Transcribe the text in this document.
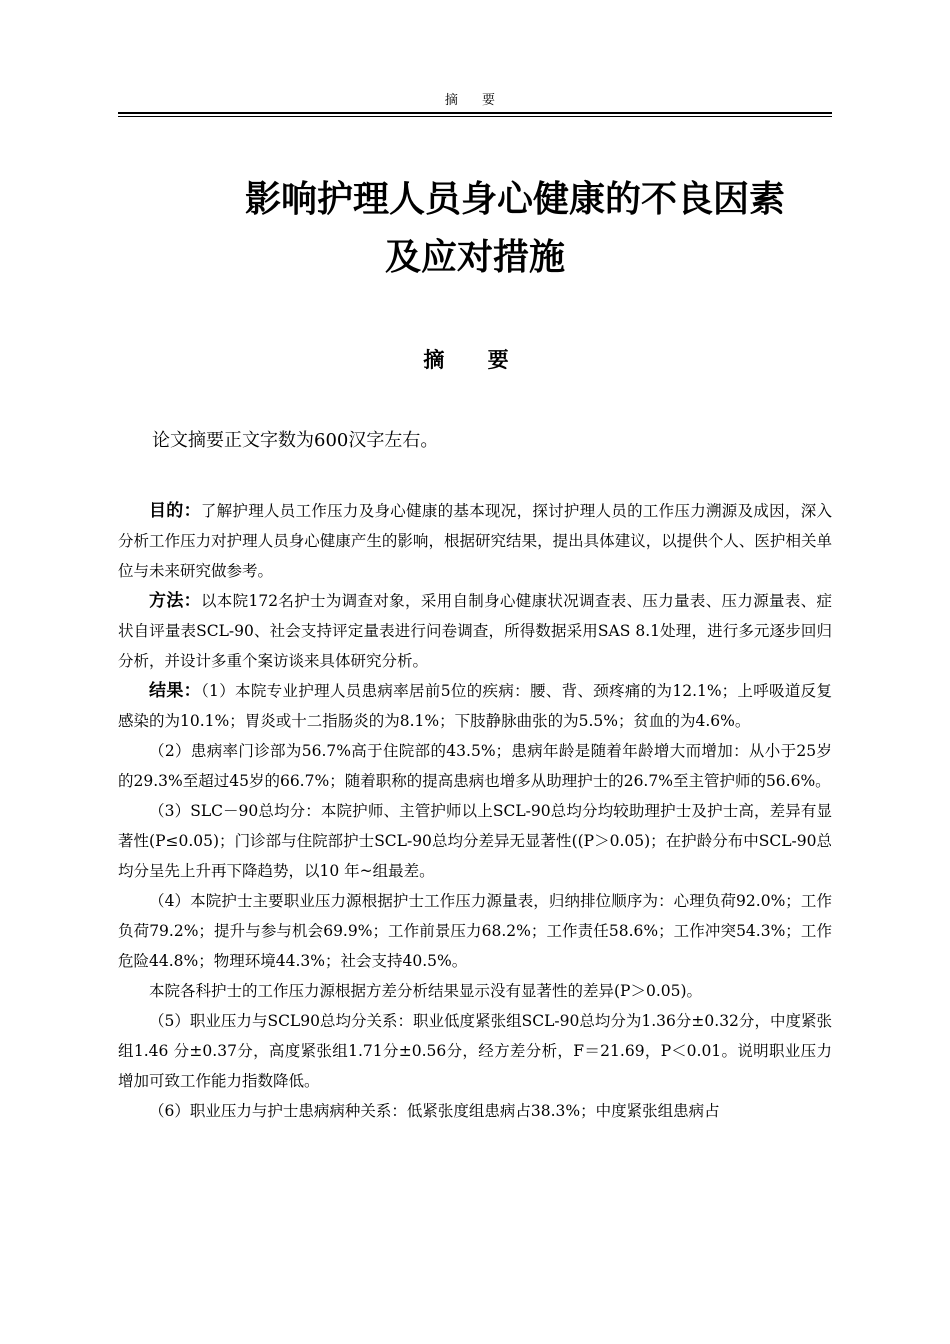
摘 要
影响护理人员身心健康的不良因素
及应对措施
摘 要
论文摘要正文字数为600汉字左右。

目的：了解护理人员工作压力及身心健康的基本现况，探讨护理人员的工作压力溯源及成因，深入分析工作压力对护理人员身心健康产生的影响，根据研究结果，提出具体建议，以提供个人、医护相关单位与未来研究做参考。

方法：以本院172名护士为调查对象，采用自制身心健康状况调查表、压力量表、压力源量表、症状自评量表SCL-90、社会支持评定量表进行问卷调查，所得数据采用SAS 8.1处理，进行多元逐步回归分析，并设计多重个案访谈来具体研究分析。

结果：（1）本院专业护理人员患病率居前5位的疾病：腰、背、颈疼痛的为12.1%；上呼吸道反复感染的为10.1%；胃炎或十二指肠炎的为8.1%；下肢静脉曲张的为5.5%；贫血的为4.6%。

（2）患病率门诊部为56.7%高于住院部的43.5%；患病年龄是随着年龄增大而增加：从小于25岁的29.3%至超过45岁的66.7%；随着职称的提高患病也增多从助理护士的26.7%至主管护师的56.6%。

（3）SLC－90总均分：本院护师、主管护师以上SCL-90总均分均较助理护士及护士高，差异有显著性(P≤0.05)；门诊部与住院部护士SCL-90总均分差异无显著性((P＞0.05)；在护龄分布中SCL-90总均分呈先上升再下降趋势，以10 年~组最差。

（4）本院护士主要职业压力源根据护士工作压力源量表，归纳排位顺序为：心理负荷92.0%；工作负荷79.2%；提升与参与机会69.9%；工作前景压力68.2%；工作责任58.6%；工作冲突54.3%；工作危险44.8%；物理环境44.3%；社会支持40.5%。

本院各科护士的工作压力源根据方差分析结果显示没有显著性的差异(P＞0.05)。

（5）职业压力与SCL90总均分关系：职业低度紧张组SCL-90总均分为1.36分±0.32分，中度紧张组1.46 分±0.37分，高度紧张组1.71分±0.56分，经方差分析，F＝21.69，P＜0.01。说明职业压力增加可致工作能力指数降低。

（6）职业压力与护士患病病种关系：低紧张度组患病占38.3%；中度紧张组患病占
